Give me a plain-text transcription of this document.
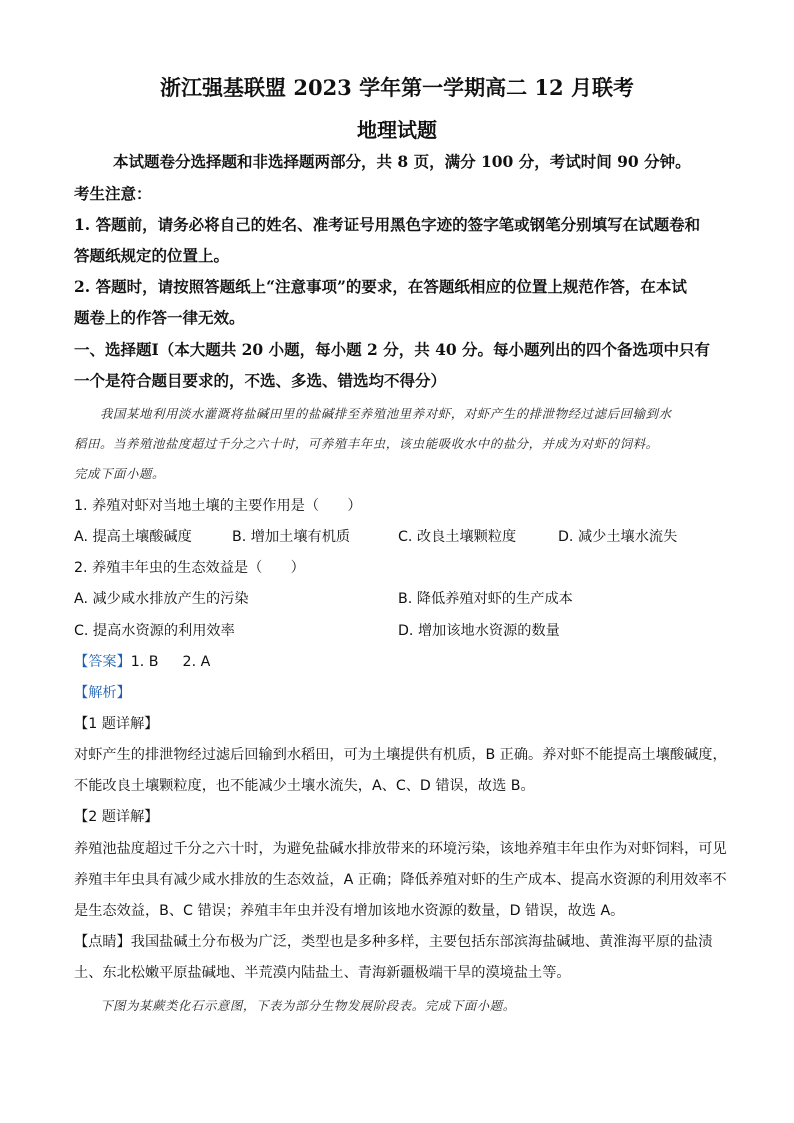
浙江强基联盟 2023 学年第一学期高二 12 月联考
地理试题
本试题卷分选择题和非选择题两部分，共 8 页，满分 100 分，考试时间 90 分钟。
考生注意：
1. 答题前，请务必将自己的姓名、准考证号用黑色字迹的签字笔或钢笔分别填写在试题卷和
答题纸规定的位置上。
2. 答题时，请按照答题纸上“注意事项”的要求，在答题纸相应的位置上规范作答，在本试
题卷上的作答一律无效。
一、选择题Ⅰ（本大题共 20 小题，每小题 2 分，共 40 分。每小题列出的四个备选项中只有
一个是符合题目要求的，不选、多选、错选均不得分）
我国某地利用淡水灌溉将盐碱田里的盐碱排至养殖池里养对虾，对虾产生的排泄物经过滤后回输到水
稻田。当养殖池盐度超过千分之六十时，可养殖丰年虫，该虫能吸收水中的盐分，并成为对虾的饲料。
完成下面小题。
1. 养殖对虾对当地土壤的主要作用是（　　）
A. 提高土壤酸碱度	B. 增加土壤有机质	C. 改良土壤颗粒度	D. 减少土壤水流失
2. 养殖丰年虫的生态效益是（　　）
A. 减少咸水排放产生的污染	B. 降低养殖对虾的生产成本
C. 提高水资源的利用效率	D. 增加该地水资源的数量
【答案】1. B 2. A
【解析】
【1 题详解】
对虾产生的排泄物经过滤后回输到水稻田，可为土壤提供有机质，B 正确。养对虾不能提高土壤酸碱度，
不能改良土壤颗粒度，也不能减少土壤水流失，A、C、D 错误，故选 B。
【2 题详解】
养殖池盐度超过千分之六十时，为避免盐碱水排放带来的环境污染，该地养殖丰年虫作为对虾饲料，可见
养殖丰年虫具有减少咸水排放的生态效益，A 正确；降低养殖对虾的生产成本、提高水资源的利用效率不
是生态效益，B、C 错误；养殖丰年虫并没有增加该地水资源的数量，D 错误，故选 A。
【点睛】我国盐碱土分布极为广泛，类型也是多种多样，主要包括东部滨海盐碱地、黄淮海平原的盐渍
土、东北松嫩平原盐碱地、半荒漠内陆盐土、青海新疆极端干旱的漠境盐土等。
下图为某蕨类化石示意图，下表为部分生物发展阶段表。完成下面小题。
